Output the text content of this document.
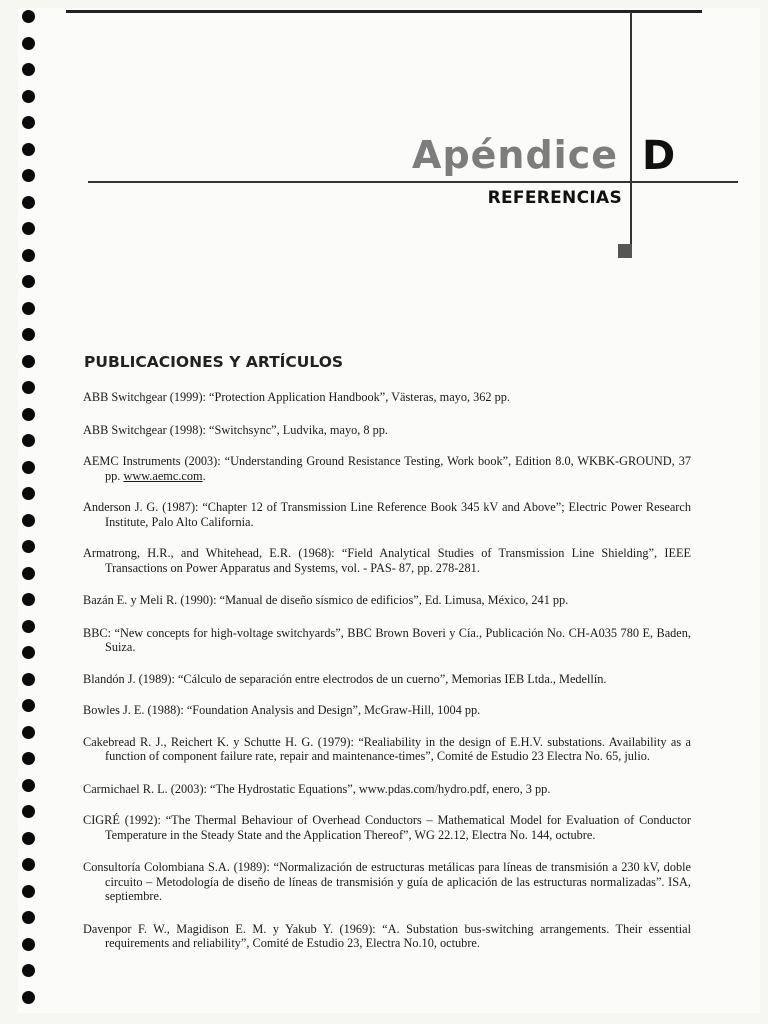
Apéndice D
REFERENCIAS
PUBLICACIONES Y ARTÍCULOS

ABB Switchgear (1999): “Protection Application Handbook”, Västeras, mayo, 362 pp.

ABB Switchgear (1998): “Switchsync”, Ludvika, mayo, 8 pp.

AEMC Instruments (2003): “Understanding Ground Resistance Testing, Work book”, Edition 8.0, WKBK-GROUND, 37 pp. www.aemc.com.

Anderson J. G. (1987): “Chapter 12 of Transmission Line Reference Book 345 kV and Above”; Electric Power Research Institute, Palo Alto California.

Armatrong, H.R., and Whitehead, E.R. (1968): “Field Analytical Studies of Transmission Line Shielding”, IEEE Transactions on Power Apparatus and Systems, vol. - PAS- 87, pp. 278-281.

Bazán E. y Meli R. (1990): “Manual de diseño sísmico de edificios”, Ed. Limusa, México, 241 pp.

BBC: “New concepts for high-voltage switchyards”, BBC Brown Boveri y Cía., Publicación No. CH-A035 780 E, Baden, Suiza.

Blandón J. (1989): “Cálculo de separación entre electrodos de un cuerno”, Memorias IEB Ltda., Medellín.

Bowles J. E. (1988): “Foundation Analysis and Design”, McGraw-Hill, 1004 pp.

Cakebread R. J., Reichert K. y Schutte H. G. (1979): “Realiability in the design of E.H.V. substations. Availability as a function of component failure rate, repair and maintenance-times”, Comité de Estudio 23 Electra No. 65, julio.

Carmichael R. L. (2003): “The Hydrostatic Equations”, www.pdas.com/hydro.pdf, enero, 3 pp.

CIGRÉ (1992): “The Thermal Behaviour of Overhead Conductors – Mathematical Model for Evaluation of Conductor Temperature in the Steady State and the Application Thereof”, WG 22.12, Electra No. 144, octubre.

Consultoría Colombiana S.A. (1989): “Normalización de estructuras metálicas para líneas de transmisión a 230 kV, doble circuito – Metodología de diseño de líneas de transmisión y guía de aplicación de las estructuras normalizadas”. ISA, septiembre.

Davenpor F. W., Magidison E. M. y Yakub Y. (1969): “A. Substation bus-switching arrangements. Their essential requirements and reliability”, Comité de Estudio 23, Electra No.10, octubre.
